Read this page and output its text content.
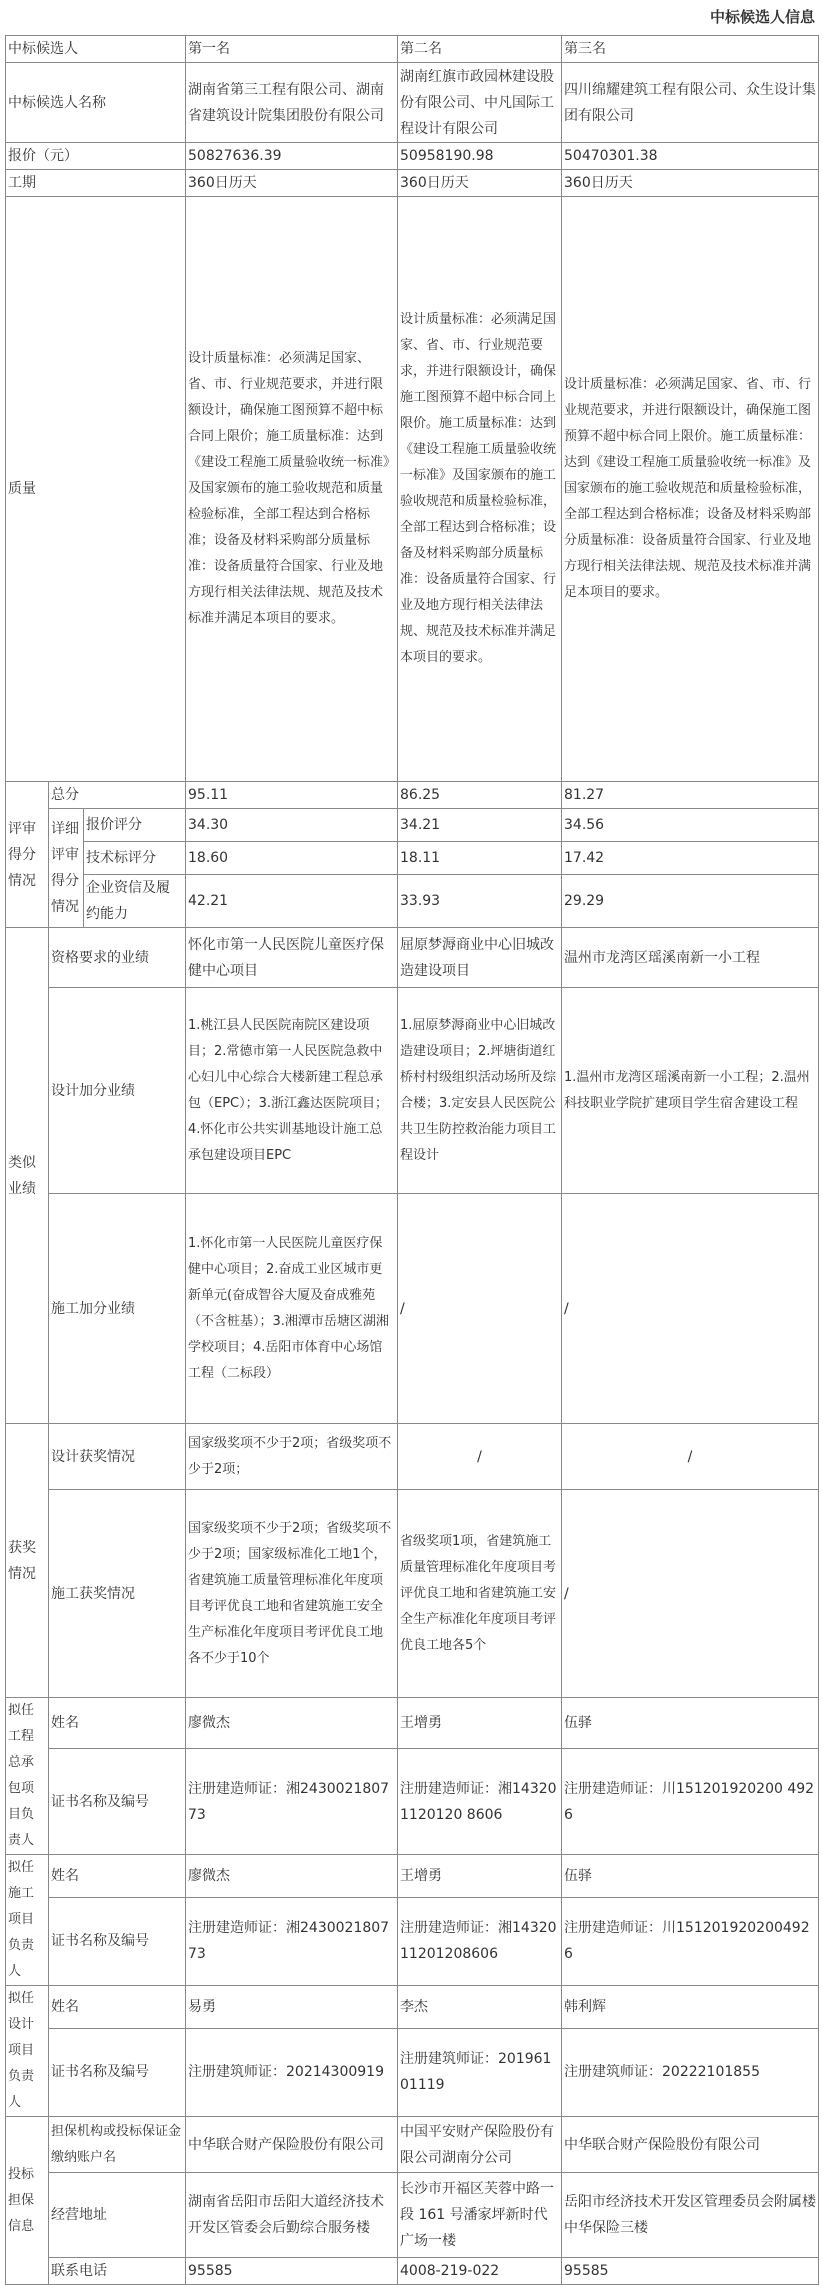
中标候选人信息
中标候选人			第一名	第二名	第三名
中标候选人名称			湖南省第三工程有限公司、湖南省建筑设计院集团股份有限公司	湖南红旗市政园林建设股份有限公司、中凡国际工程设计有限公司	四川绵耀建筑工程有限公司、众生设计集团有限公司
报价（元）			50827636.39	50958190.98	50470301.38
工期			360日历天	360日历天	360日历天
质量			设计质量标准：必须满足国家、省、市、行业规范要求，并进行限额设计，确保施工图预算不超中标合同上限价；施工质量标准：达到《建设工程施工质量验收统一标准》及国家颁布的施工验收规范和质量检验标准，全部工程达到合格标准；设备及材料采购部分质量标准：设备质量符合国家、行业及地方现行相关法律法规、规范及技术标准并满足本项目的要求。	设计质量标准：必须满足国家、省、市、行业规范要求，并进行限额设计，确保施工图预算不超中标合同上限价。施工质量标准：达到《建设工程施工质量验收统一标准》及国家颁布的施工验收规范和质量检验标准，全部工程达到合格标准；设备及材料采购部分质量标准：设备质量符合国家、行业及地方现行相关法律法规、规范及技术标准并满足本项目的要求。	设计质量标准：必须满足国家、省、市、行业规范要求，并进行限额设计，确保施工图预算不超中标合同上限价。施工质量标准：达到《建设工程施工质量验收统一标准》及国家颁布的施工验收规范和质量检验标准，全部工程达到合格标准；设备及材料采购部分质量标准：设备质量符合国家、行业及地方现行相关法律法规、规范及技术标准并满足本项目的要求。
评审得分情况	总分		95.11	86.25	81.27
	详细评审得分情况	报价评分	34.30	34.21	34.56
		技术标评分	18.60	18.11	17.42
		企业资信及履约能力	42.21	33.93	29.29
类似业绩	资格要求的业绩		怀化市第一人民医院儿童医疗保健中心项目	屈原梦溽商业中心旧城改造建设项目	温州市龙湾区瑶溪南新一小工程
	设计加分业绩		1.桃江县人民医院南院区建设项目；2.常德市第一人民医院急救中心妇儿中心综合大楼新建工程总承包（EPC）；3.浙江鑫达医院项目；4.怀化市公共实训基地设计施工总承包建设项目EPC	1.屈原梦溽商业中心旧城改造建设项目；2.坪塘街道红桥村村级组织活动场所及综合楼；3.定安县人民医院公共卫生防控救治能力项目工程设计	1.温州市龙湾区瑶溪南新一小工程；2.温州科技职业学院扩建项目学生宿舍建设工程
	施工加分业绩		1.怀化市第一人民医院儿童医疗保健中心项目；2.奋成工业区城市更新单元(奋成智谷大厦及奋成雅苑（不含桩基）；3.湘潭市岳塘区湖湘学校项目；4.岳阳市体育中心场馆工程（二标段）	/	/
获奖情况	设计获奖情况		国家级奖项不少于2项；省级奖项不少于2项；	/	/
	施工获奖情况		国家级奖项不少于2项；省级奖项不少于2项；国家级标准化工地1个，省建筑施工质量管理标准化年度项目考评优良工地和省建筑施工安全生产标准化年度项目考评优良工地各不少于10个	省级奖项1项，省建筑施工质量管理标准化年度项目考评优良工地和省建筑施工安全生产标准化年度项目考评优良工地各5个	/
拟任工程总承包项目负责人	姓名		廖微杰	王增勇	伍驿
	证书名称及编号		注册建造师证：湘243002180773	注册建造师证：湘143201120120 8606	注册建造师证：川151201920200 4926
拟任施工项目负责人	姓名		廖微杰	王增勇	伍驿
	证书名称及编号		注册建造师证：湘243002180773	注册建造师证：湘1432011201208606	注册建造师证：川1512019202004926
拟任设计项目负责人	姓名		易勇	李杰	韩利辉
	证书名称及编号		注册建筑师证：20214300919	注册建筑师证：20196101119	注册建筑师证：20222101855
投标担保信息	担保机构或投标保证金缴纳账户名		中华联合财产保险股份有限公司	中国平安财产保险股份有限公司湖南分公司	中华联合财产保险股份有限公司
	经营地址		湖南省岳阳市岳阳大道经济技术开发区管委会后勤综合服务楼	长沙市开福区芙蓉中路一段 161 号潘家坪新时代广场一楼	岳阳市经济技术开发区管理委员会附属楼中华保险三楼
	联系电话		95585	4008-219-022	95585
